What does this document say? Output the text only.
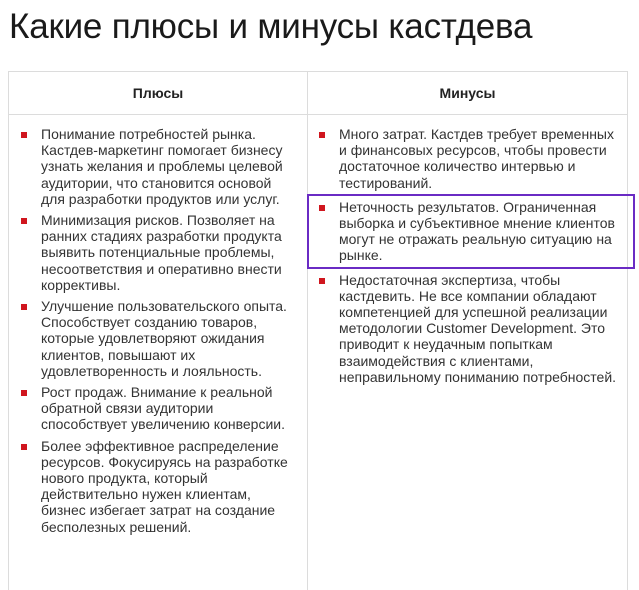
Какие плюсы и минусы кастдева
Плюсы	Минусы
Понимание потребностей рынка. Кастдев-маркетинг помогает бизнесу узнать желания и проблемы целевой аудитории, что становится основой для разработки продуктов или услуг.
Минимизация рисков. Позволяет на ранних стадиях разработки продукта выявить потенциальные проблемы, несоответствия и оперативно внести коррективы.
Улучшение пользовательского опыта. Способствует созданию товаров, которые удовлетворяют ожидания клиентов, повышают их удовлетворенность и лояльность.
Рост продаж. Внимание к реальной обратной связи аудитории способствует увеличению конверсии.
Более эффективное распределение ресурсов. Фокусируясь на разработке нового продукта, который действительно нужен клиентам, бизнес избегает затрат на создание бесполезных решений.
Много затрат. Кастдев требует временных и финансовых ресурсов, чтобы провести достаточное количество интервью и тестирований.
Неточность результатов. Ограниченная выборка и субъективное мнение клиентов могут не отражать реальную ситуацию на рынке.
Недостаточная экспертиза, чтобы кастдевить. Не все компании обладают компетенцией для успешной реализации методологии Customer Development. Это приводит к неудачным попыткам взаимодействия с клиентами, неправильному пониманию потребностей.
